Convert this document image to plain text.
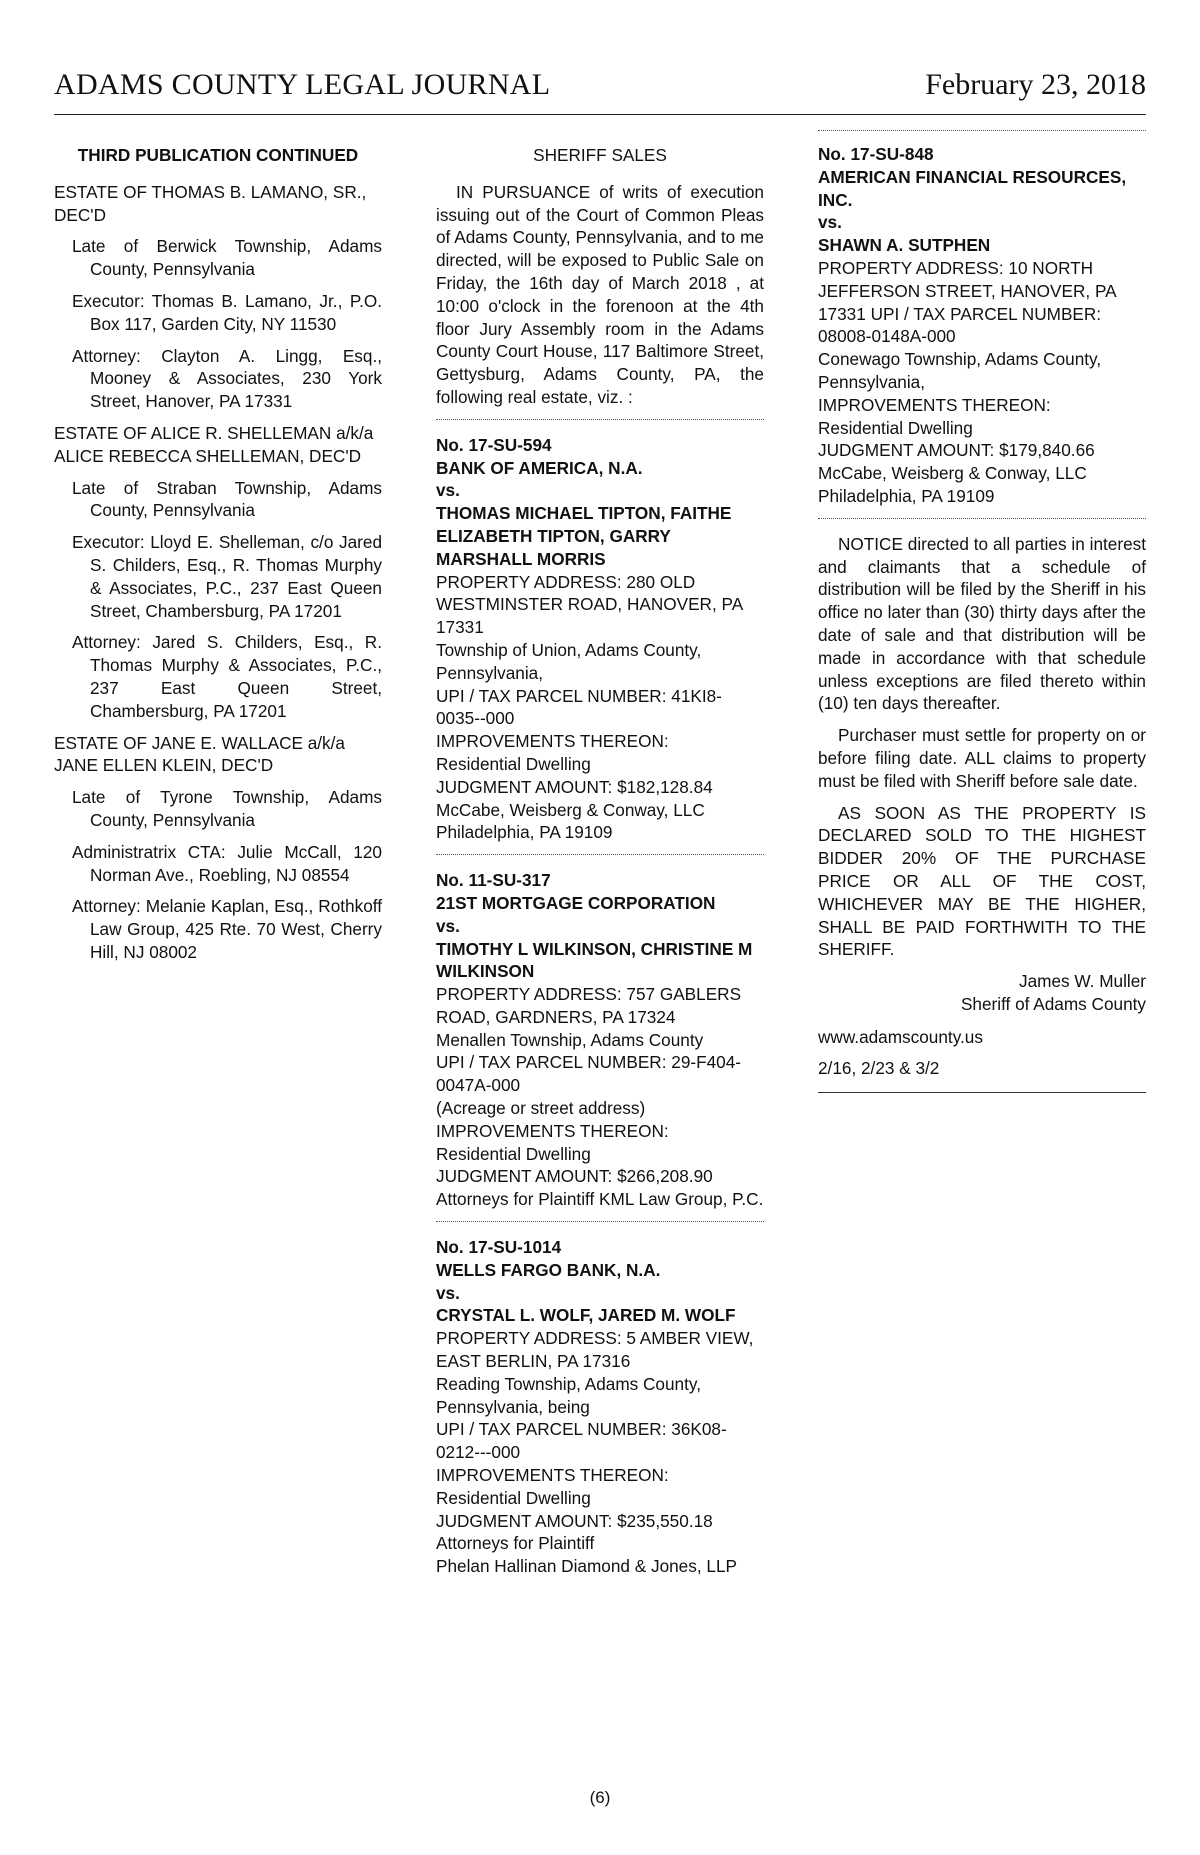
ADAMS COUNTY LEGAL JOURNAL	February 23, 2018
THIRD PUBLICATION CONTINUED

ESTATE OF THOMAS B. LAMANO, SR., DEC'D

Late of Berwick Township, Adams County, Pennsylvania

Executor: Thomas B. Lamano, Jr., P.O. Box 117, Garden City, NY 11530

Attorney: Clayton A. Lingg, Esq., Mooney & Associates, 230 York Street, Hanover, PA 17331

ESTATE OF ALICE R. SHELLEMAN a/k/a ALICE REBECCA SHELLEMAN, DEC'D

Late of Straban Township, Adams County, Pennsylvania

Executor: Lloyd E. Shelleman, c/o Jared S. Childers, Esq., R. Thomas Murphy & Associates, P.C., 237 East Queen Street, Chambersburg, PA 17201

Attorney: Jared S. Childers, Esq., R. Thomas Murphy & Associates, P.C., 237 East Queen Street, Chambersburg, PA 17201

ESTATE OF JANE E. WALLACE a/k/a JANE ELLEN KLEIN, DEC'D

Late of Tyrone Township, Adams County, Pennsylvania

Administratrix CTA: Julie McCall, 120 Norman Ave., Roebling, NJ 08554

Attorney: Melanie Kaplan, Esq., Rothkoff Law Group, 425 Rte. 70 West, Cherry Hill, NJ 08002

SHERIFF SALES

IN PURSUANCE of writs of execution issuing out of the Court of Common Pleas of Adams County, Pennsylvania, and to me directed, will be exposed to Public Sale on Friday, the 16th day of March 2018 , at 10:00 o'clock in the forenoon at the 4th floor Jury Assembly room in the Adams County Court House, 117 Baltimore Street, Gettysburg, Adams County, PA, the following real estate, viz. :

No. 17-SU-594

BANK OF AMERICA, N.A.

vs.

THOMAS MICHAEL TIPTON, FAITHE ELIZABETH TIPTON, GARRY MARSHALL MORRIS

PROPERTY ADDRESS: 280 OLD WESTMINSTER ROAD, HANOVER, PA 17331

Township of Union, Adams County, Pennsylvania,

UPI / TAX PARCEL NUMBER: 41KI8-0035--000

IMPROVEMENTS THEREON:

Residential Dwelling

JUDGMENT AMOUNT: $182,128.84

McCabe, Weisberg & Conway, LLC

Philadelphia, PA 19109

No. 11-SU-317

21ST MORTGAGE CORPORATION

vs.

TIMOTHY L WILKINSON, CHRISTINE M WILKINSON

PROPERTY ADDRESS: 757 GABLERS ROAD, GARDNERS, PA 17324

Menallen Township, Adams County

UPI / TAX PARCEL NUMBER: 29-F404-0047A-000

(Acreage or street address)

IMPROVEMENTS THEREON:

Residential Dwelling

JUDGMENT AMOUNT: $266,208.90

Attorneys for Plaintiff KML Law Group, P.C.

No. 17-SU-1014

WELLS FARGO BANK, N.A.

vs.

CRYSTAL L. WOLF, JARED M. WOLF

PROPERTY ADDRESS: 5 AMBER VIEW, EAST BERLIN, PA 17316

Reading Township, Adams County, Pennsylvania, being

UPI / TAX PARCEL NUMBER: 36K08-0212---000

IMPROVEMENTS THEREON:

Residential Dwelling

JUDGMENT AMOUNT: $235,550.18

Attorneys for Plaintiff

Phelan Hallinan Diamond & Jones, LLP

No. 17-SU-848

AMERICAN FINANCIAL RESOURCES, INC.

vs.

SHAWN A. SUTPHEN

PROPERTY ADDRESS: 10 NORTH JEFFERSON STREET, HANOVER, PA 17331 UPI / TAX PARCEL NUMBER: 08008-0148A-000

Conewago Township, Adams County, Pennsylvania,

IMPROVEMENTS THEREON:

Residential Dwelling

JUDGMENT AMOUNT: $179,840.66

McCabe, Weisberg & Conway, LLC

Philadelphia, PA 19109

NOTICE directed to all parties in interest and claimants that a schedule of distribution will be filed by the Sheriff in his office no later than (30) thirty days after the date of sale and that distribution will be made in accordance with that schedule unless exceptions are filed thereto within (10) ten days thereafter.

Purchaser must settle for property on or before filing date. ALL claims to property must be filed with Sheriff before sale date.

AS SOON AS THE PROPERTY IS DECLARED SOLD TO THE HIGHEST BIDDER 20% OF THE PURCHASE PRICE OR ALL OF THE COST, WHICHEVER MAY BE THE HIGHER, SHALL BE PAID FORTHWITH TO THE SHERIFF.

James W. Muller

Sheriff of Adams County

www.adamscounty.us

2/16, 2/23 & 3/2

(6)
